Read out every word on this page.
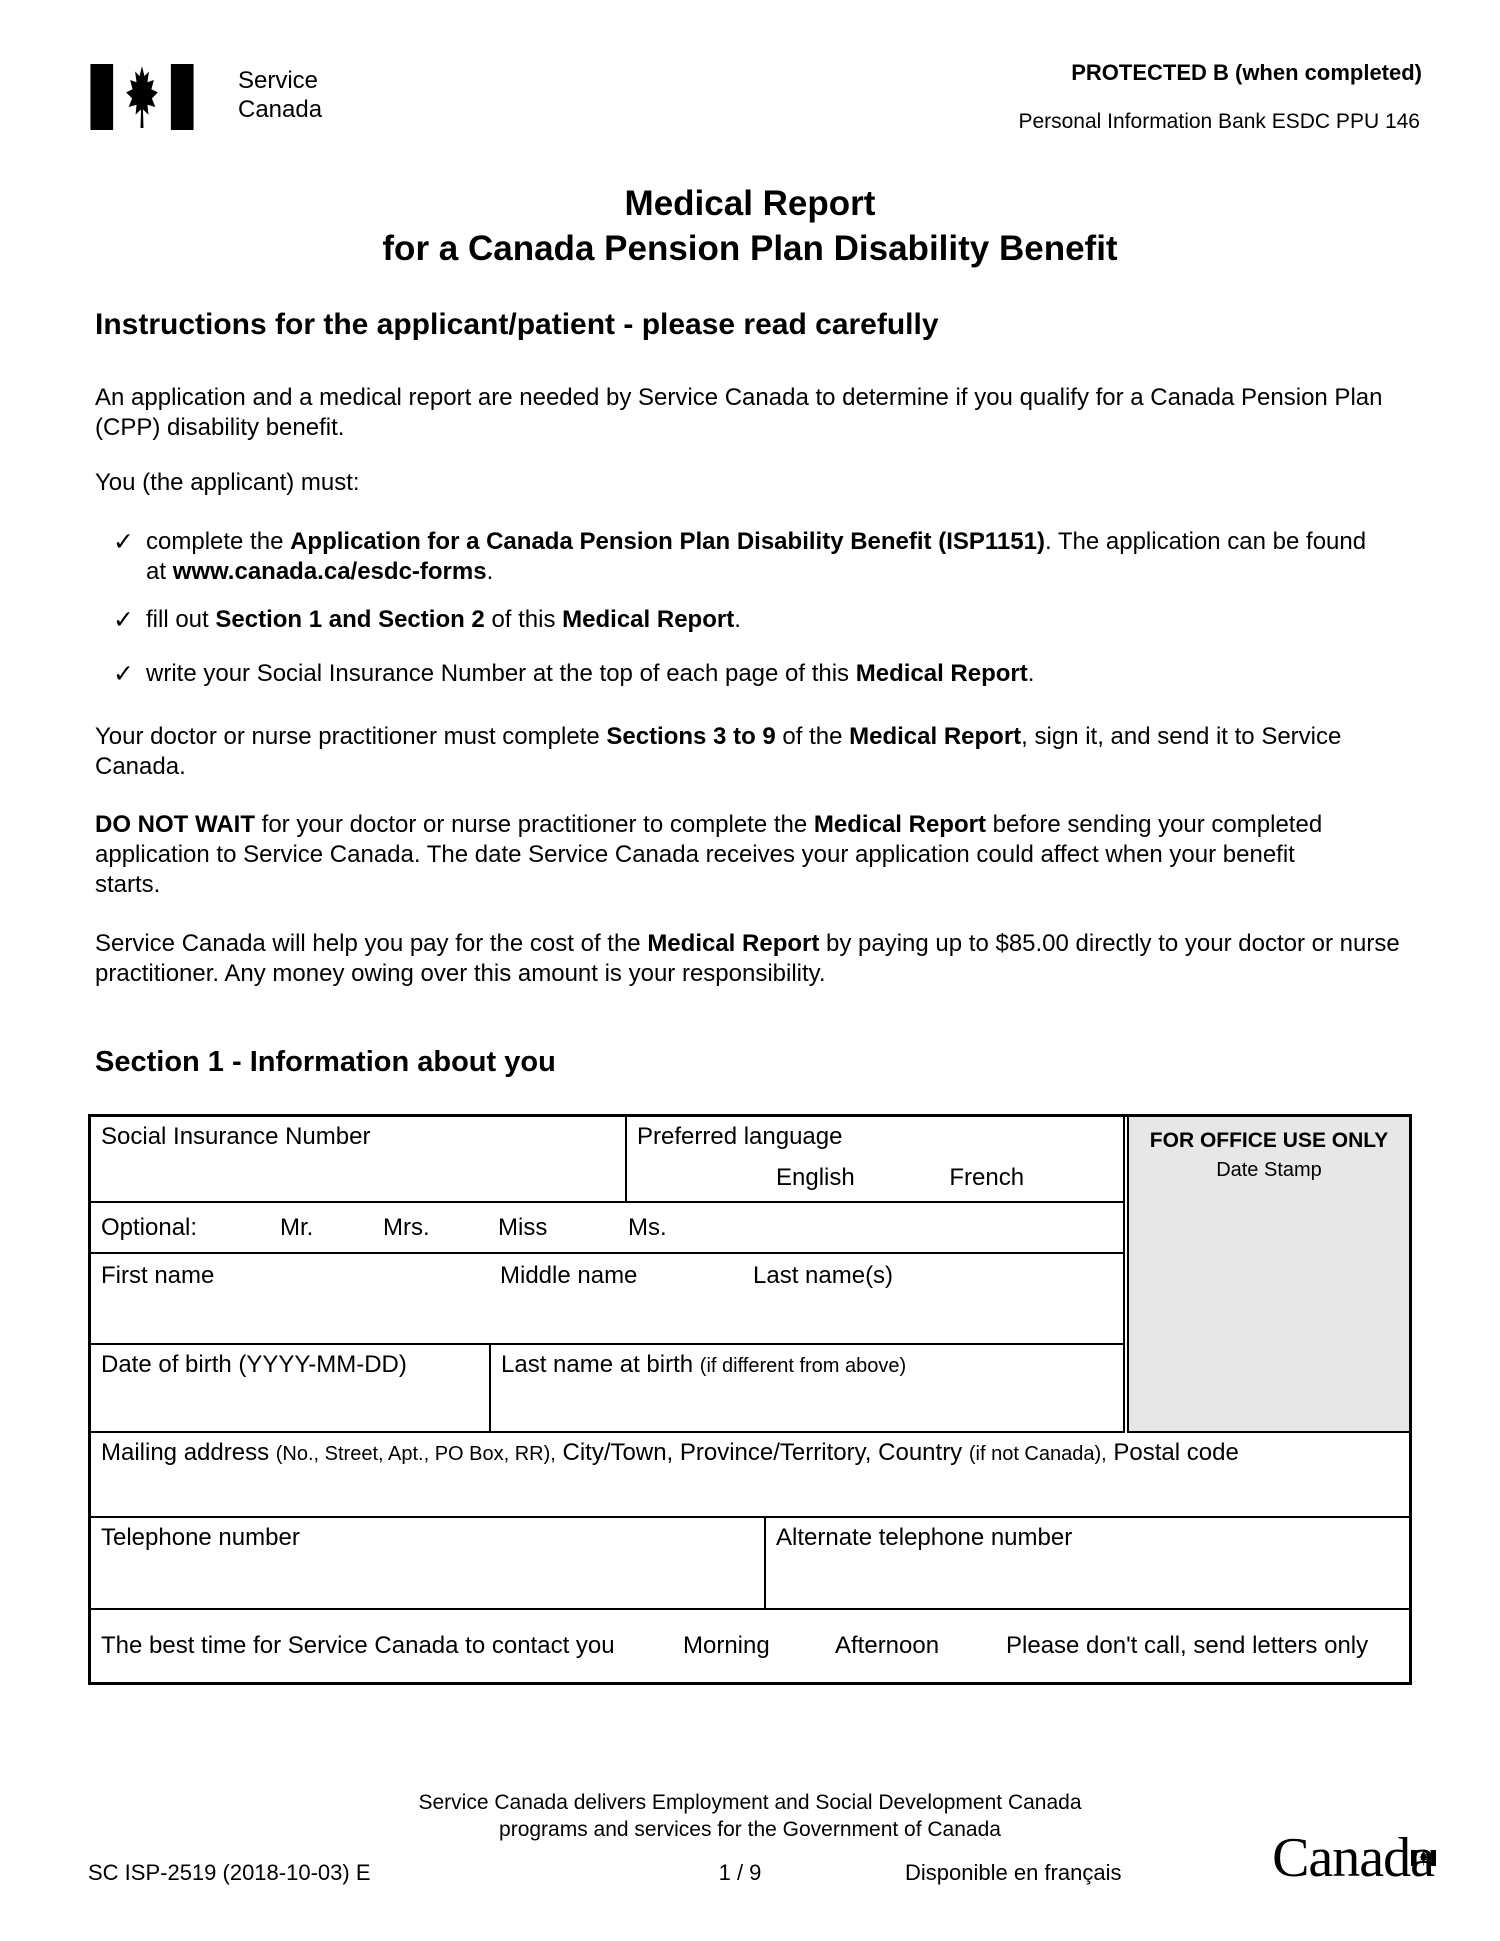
Service
Canada
PROTECTED B (when completed)
Personal Information Bank ESDC PPU 146
Medical Report
for a Canada Pension Plan Disability Benefit
Instructions for the applicant/patient - please read carefully
An application and a medical report are needed by Service Canada to determine if you qualify for a Canada Pension Plan (CPP) disability benefit.
You (the applicant) must:
✓ complete the Application for a Canada Pension Plan Disability Benefit (ISP1151). The application can be found at www.canada.ca/esdc-forms.
✓ fill out Section 1 and Section 2 of this Medical Report.
✓ write your Social Insurance Number at the top of each page of this Medical Report.
Your doctor or nurse practitioner must complete Sections 3 to 9 of the Medical Report, sign it, and send it to Service Canada.
DO NOT WAIT for your doctor or nurse practitioner to complete the Medical Report before sending your completed application to Service Canada. The date Service Canada receives your application could affect when your benefit starts.
Service Canada will help you pay for the cost of the Medical Report by paying up to $85.00 directly to your doctor or nurse practitioner. Any money owing over this amount is your responsibility.
Section 1 - Information about you
Social Insurance Number	Preferred language
English	French
Optional:	Mr.	Mrs.	Miss	Ms.
First name	Middle name	Last name(s)
Date of birth (YYYY-MM-DD)	Last name at birth (if different from above)
FOR OFFICE USE ONLY
Date Stamp
Mailing address (No., Street, Apt., PO Box, RR), City/Town, Province/Territory, Country (if not Canada), Postal code
Telephone number	Alternate telephone number
The best time for Service Canada to contact you	Morning	Afternoon	Please don't call, send letters only
Service Canada delivers Employment and Social Development Canada
programs and services for the Government of Canada
SC ISP-2519 (2018-10-03) E	1 / 9	Disponible en français	Canad
